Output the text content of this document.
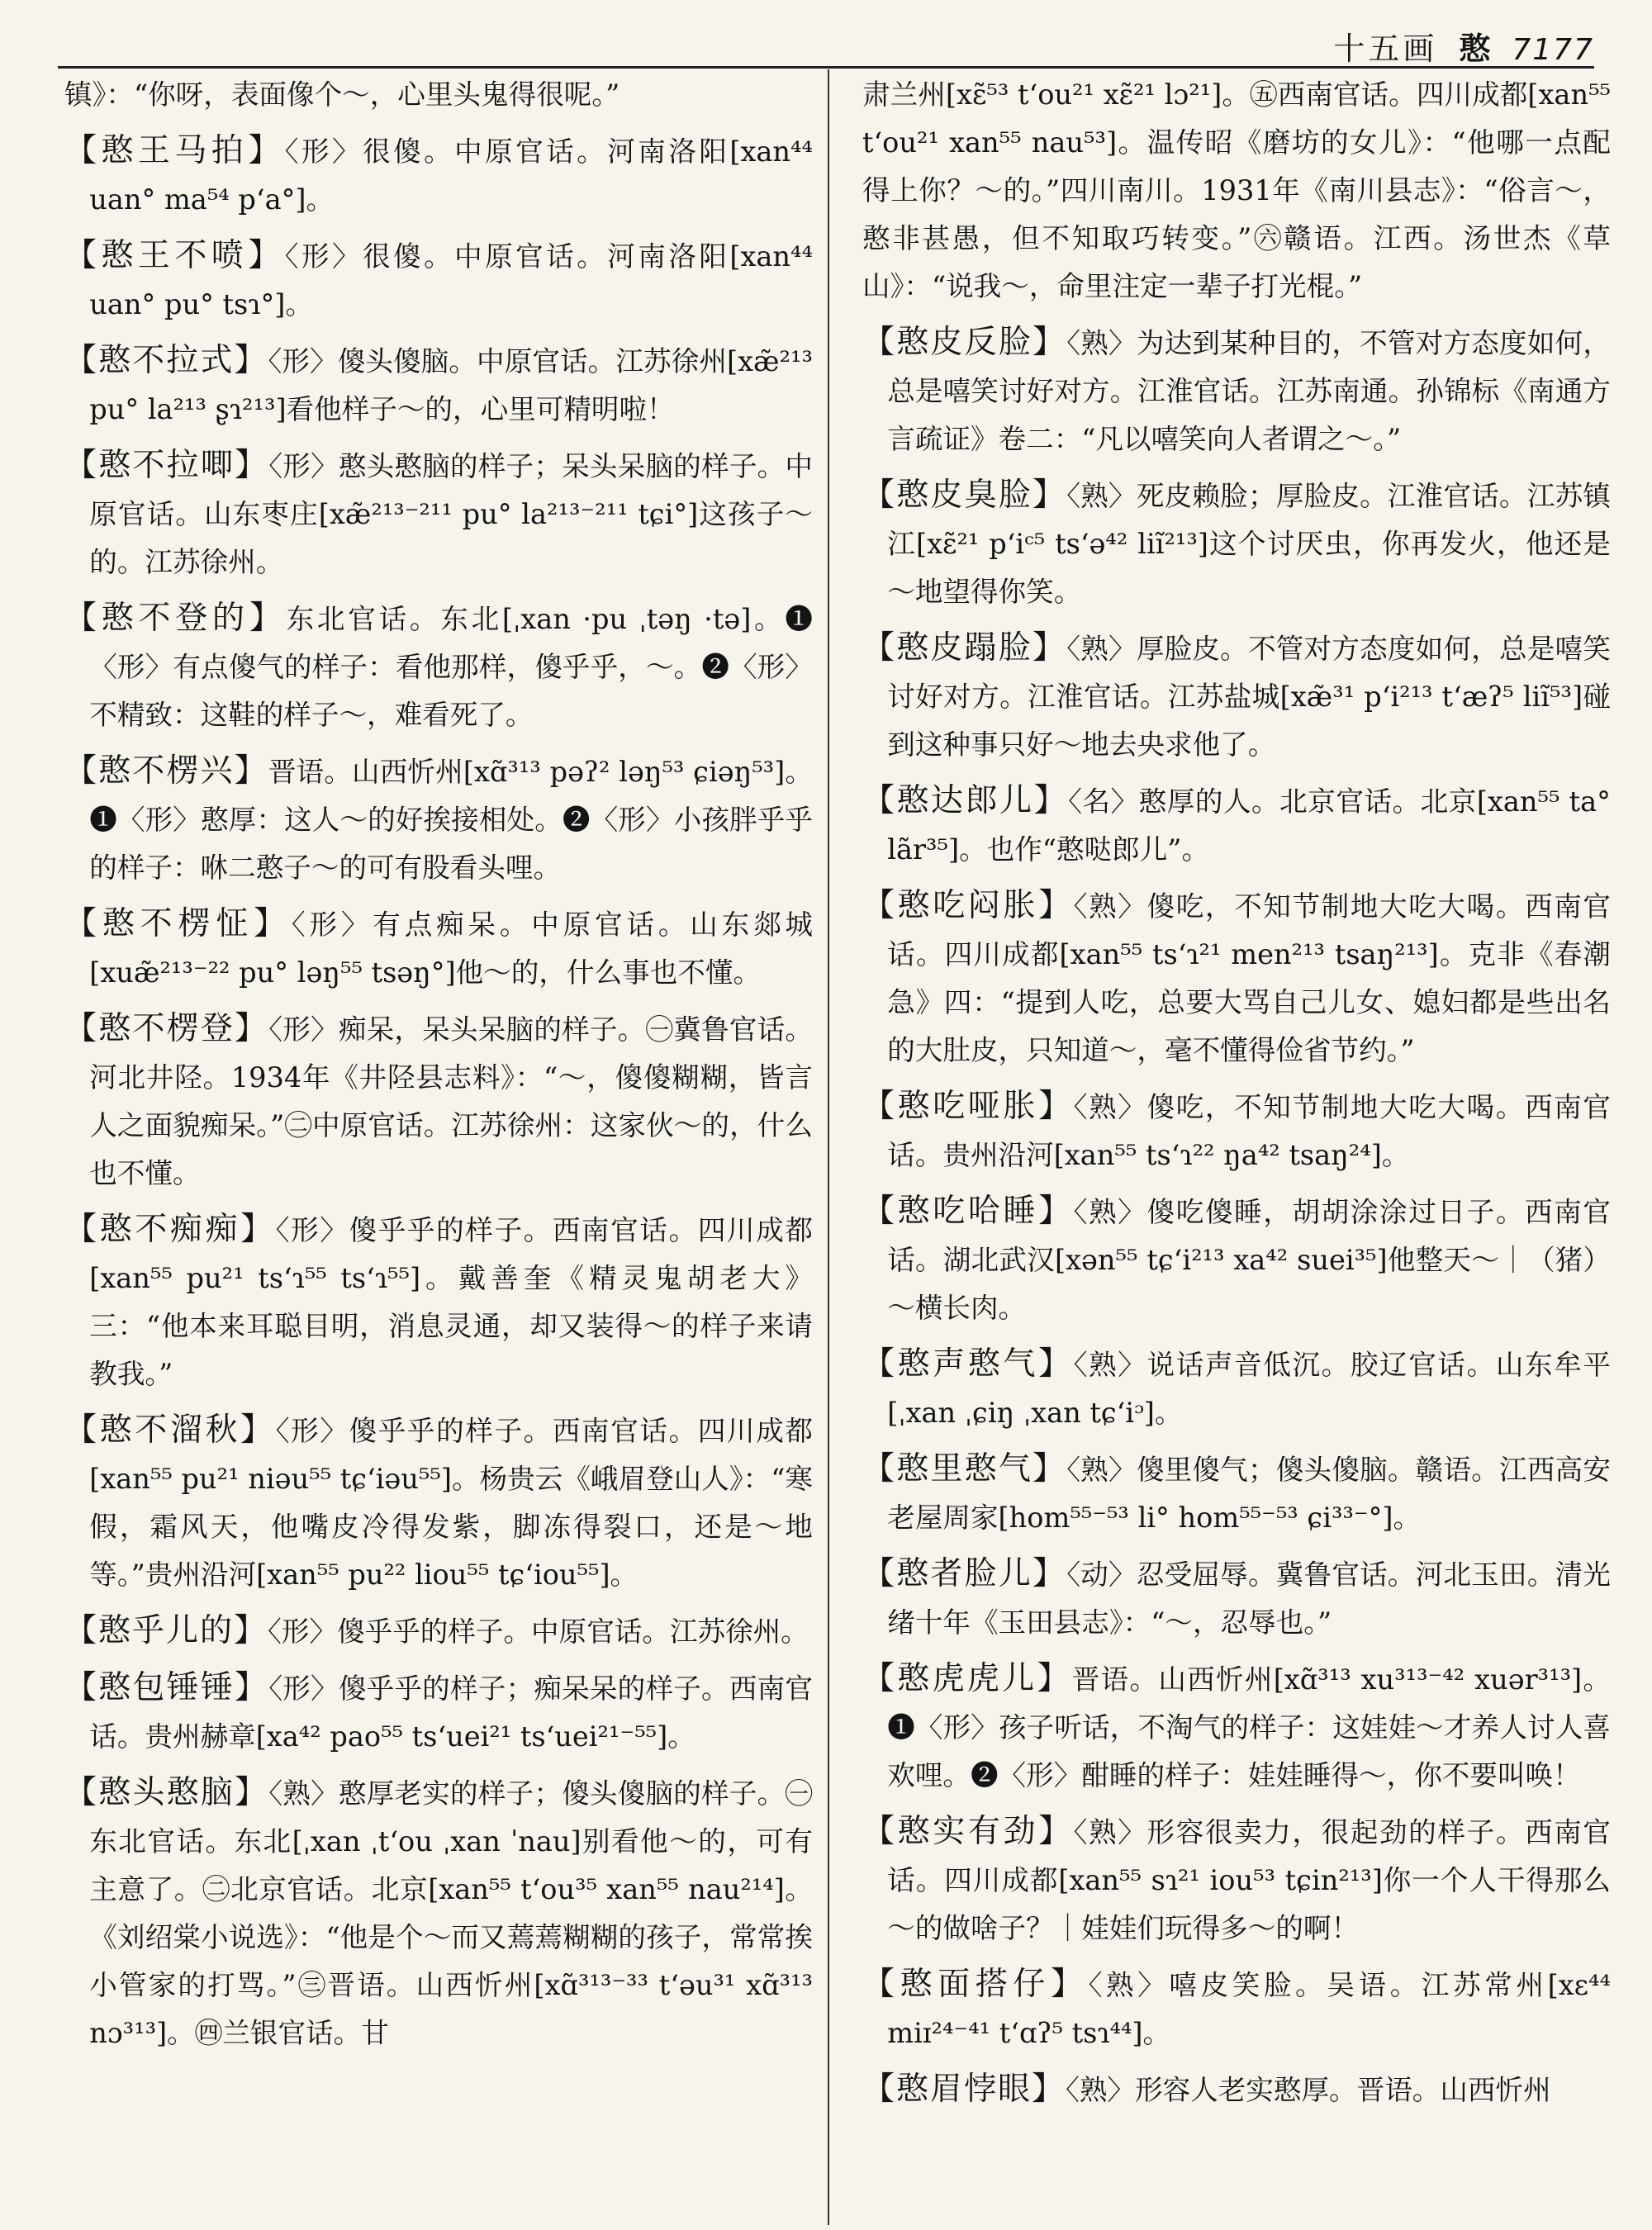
十五画 憨 7177

镇》：“你呀，表面像个～，心里头鬼得很呢。”

【 憨王马拍 】 〈形〉很傻。中原官话。河南洛阳[xan⁴⁴ uan° ma⁵⁴ p‘a°]。

【 憨王不喷 】 〈形〉很傻。中原官话。河南洛阳[xan⁴⁴ uan° pu° tsɿ°]。

【 憨不拉式 】 〈形〉傻头傻脑。中原官话。江苏徐州[xæ̃²¹³ pu° la²¹³ ʂɿ²¹³]看他样子～的，心里可精明啦！

【 憨不拉唧 】 〈形〉憨头憨脑的样子；呆头呆脑的样子。中原官话。山东枣庄[xæ̃²¹³⁻²¹¹ pu° la²¹³⁻²¹¹ tɕi°]这孩子～的。江苏徐州。

【 憨不登的 】 东北官话。东北[ˌxan ·pu ˌtəŋ ·tə]。❶〈形〉有点傻气的样子：看他那样，傻乎乎，～。❷〈形〉不精致：这鞋的样子～，难看死了。

【 憨不楞兴 】 晋语。山西忻州[xɑ̃³¹³ pəʔ² ləŋ⁵³ ɕiəŋ⁵³]。❶〈形〉憨厚：这人～的好挨接相处。❷〈形〉小孩胖乎乎的样子：咻二憨子～的可有股看头哩。

【 憨不楞怔 】 〈形〉有点痴呆。中原官话。山东郯城[xuæ̃²¹³⁻²² pu° ləŋ⁵⁵ tsəŋ°]他～的，什么事也不懂。

【 憨不楞登 】 〈形〉痴呆，呆头呆脑的样子。㊀冀鲁官话。河北井陉。1934年《井陉县志料》：“～，傻傻糊糊，皆言人之面貌痴呆。”㊁中原官话。江苏徐州：这家伙～的，什么也不懂。

【 憨不痴痴 】 〈形〉傻乎乎的样子。西南官话。四川成都[xan⁵⁵ pu²¹ ts‘ɿ⁵⁵ ts‘ɿ⁵⁵]。戴善奎《精灵鬼胡老大》三：“他本来耳聪目明，消息灵通，却又装得～的样子来请教我。”

【 憨不溜秋 】 〈形〉傻乎乎的样子。西南官话。四川成都[xan⁵⁵ pu²¹ niəu⁵⁵ tɕ‘iəu⁵⁵]。杨贵云《峨眉登山人》：“寒假，霜风天，他嘴皮冷得发紫，脚冻得裂口，还是～地等。”贵州沿河[xan⁵⁵ pu²² liou⁵⁵ tɕ‘iou⁵⁵]。

【 憨乎儿的 】 〈形〉傻乎乎的样子。中原官话。江苏徐州。

【 憨包锤锤 】 〈形〉傻乎乎的样子；痴呆呆的样子。西南官话。贵州赫章[xa⁴² pao⁵⁵ ts‘uei²¹ ts‘uei²¹⁻⁵⁵]。

【 憨头憨脑 】 〈熟〉憨厚老实的样子；傻头傻脑的样子。㊀东北官话。东北[ˌxan ˌt‘ou ˌxan ˈnau]别看他～的，可有主意了。㊁北京官话。北京[xan⁵⁵ t‘ou³⁵ xan⁵⁵ nau²¹⁴]。《刘绍棠小说选》：“他是个～而又蔫蔫糊糊的孩子，常常挨小管家的打骂。”㊂晋语。山西忻州[xɑ̃³¹³⁻³³ t‘əu³¹ xɑ̃³¹³ nɔ³¹³]。㊃兰银官话。甘

肃兰州[xɛ̃⁵³ t‘ou²¹ xɛ̃²¹ lɔ²¹]。㊄西南官话。四川成都[xan⁵⁵ t‘ou²¹ xan⁵⁵ nau⁵³]。温传昭《磨坊的女儿》：“他哪一点配得上你？～的。”四川南川。1931年《南川县志》：“俗言～，憨非甚愚，但不知取巧转变。”㊅赣语。江西。汤世杰《草山》：“说我～，命里注定一辈子打光棍。”

【 憨皮反脸 】 〈熟〉为达到某种目的，不管对方态度如何，总是嘻笑讨好对方。江淮官话。江苏南通。孙锦标《南通方言疏证》卷二：“凡以嘻笑向人者谓之～。”

【 憨皮臭脸 】 〈熟〉死皮赖脸；厚脸皮。江淮官话。江苏镇江[xɛ̃²¹ p‘iᶜ⁵ ts‘ə⁴² liĩ²¹³]这个讨厌虫，你再发火，他还是～地望得你笑。

【 憨皮蹋脸 】 〈熟〉厚脸皮。不管对方态度如何，总是嘻笑讨好对方。江淮官话。江苏盐城[xæ̃³¹ p‘i²¹³ t‘æʔ⁵ liĩ⁵³]碰到这种事只好～地去央求他了。

【 憨达郎儿 】 〈名〉憨厚的人。北京官话。北京[xan⁵⁵ ta° lãr³⁵]。也作“憨哒郎儿”。

【 憨吃闷胀 】 〈熟〉傻吃，不知节制地大吃大喝。西南官话。四川成都[xan⁵⁵ ts‘ɿ²¹ men²¹³ tsaŋ²¹³]。克非《春潮急》四：“提到人吃，总要大骂自己儿女、媳妇都是些出名的大肚皮，只知道～，毫不懂得俭省节约。”

【 憨吃哑胀 】 〈熟〉傻吃，不知节制地大吃大喝。西南官话。贵州沿河[xan⁵⁵ ts‘ɿ²² ŋa⁴² tsaŋ²⁴]。

【 憨吃哈睡 】 〈熟〉傻吃傻睡，胡胡涂涂过日子。西南官话。湖北武汉[xən⁵⁵ tɕ‘i²¹³ xa⁴² suei³⁵]他整天～｜（猪）～横长肉。

【 憨声憨气 】 〈熟〉说话声音低沉。胶辽官话。山东牟平[ˌxan ˌɕiŋ ˌxan tɕ‘iᵓ]。

【 憨里憨气 】 〈熟〉傻里傻气；傻头傻脑。赣语。江西高安老屋周家[hom⁵⁵⁻⁵³ li° hom⁵⁵⁻⁵³ ɕi³³⁻°]。

【 憨者脸儿 】 〈动〉忍受屈辱。冀鲁官话。河北玉田。清光绪十年《玉田县志》：“～，忍辱也。”

【 憨虎虎儿 】 晋语。山西忻州[xɑ̃³¹³ xu³¹³⁻⁴² xuər³¹³]。❶〈形〉孩子听话，不淘气的样子：这娃娃～才养人讨人喜欢哩。❷〈形〉酣睡的样子：娃娃睡得～，你不要叫唤！

【 憨实有劲 】 〈熟〉形容很卖力，很起劲的样子。西南官话。四川成都[xan⁵⁵ sɿ²¹ iou⁵³ tɕin²¹³]你一个人干得那么～的做啥子？｜娃娃们玩得多～的啊！

【 憨面搭仔 】 〈熟〉嘻皮笑脸。吴语。江苏常州[xɛ⁴⁴ miɪ²⁴⁻⁴¹ t‘ɑʔ⁵ tsɿ⁴⁴]。

【 憨眉悖眼 】 〈熟〉形容人老实憨厚。晋语。山西忻州
